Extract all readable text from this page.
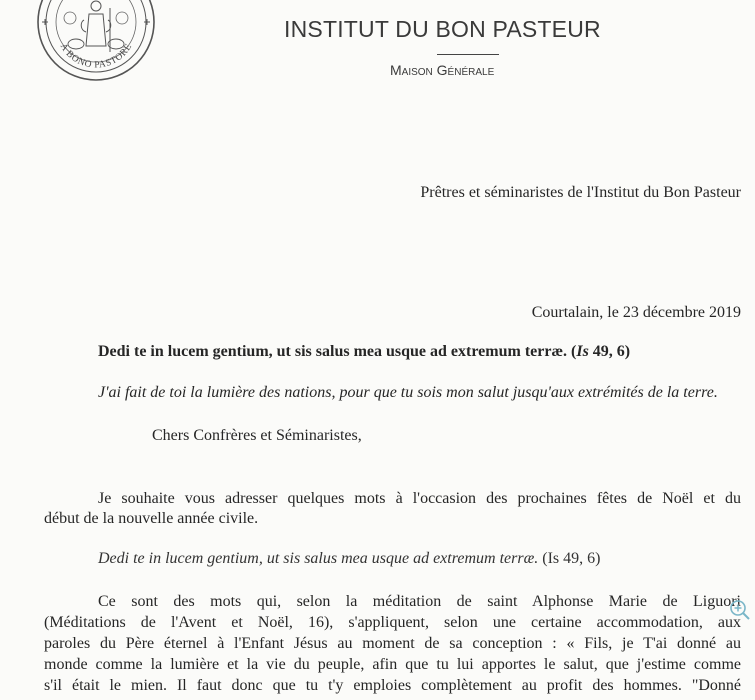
A BONO PASTORE
INSTITUT DU BON PASTEUR
Maison Générale
Prêtres et séminaristes de l'Institut du Bon Pasteur
Courtalain, le 23 décembre 2019
Dedi te in lucem gentium, ut sis salus mea usque ad extremum terræ. (Is 49, 6)
J'ai fait de toi la lumière des nations, pour que tu sois mon salut jusqu'aux extrémités de la terre.
Chers Confrères et Séminaristes,
Je souhaite vous adresser quelques mots à l'occasion des prochaines fêtes de Noël et du
début de la nouvelle année civile.
Dedi te in lucem gentium, ut sis salus mea usque ad extremum terræ. (Is 49, 6)
Ce sont des mots qui, selon la méditation de saint Alphonse Marie de Liguori
(Méditations de l'Avent et Noël, 16), s'appliquent, selon une certaine accommodation, aux
paroles du Père éternel à l'Enfant Jésus au moment de sa conception : « Fils, je T'ai donné au
monde comme la lumière et la vie du peuple, afin que tu lui apportes le salut, que j'estime comme
s'il était le mien. Il faut donc que tu t'y emploies complètement au profit des hommes. "Donné
